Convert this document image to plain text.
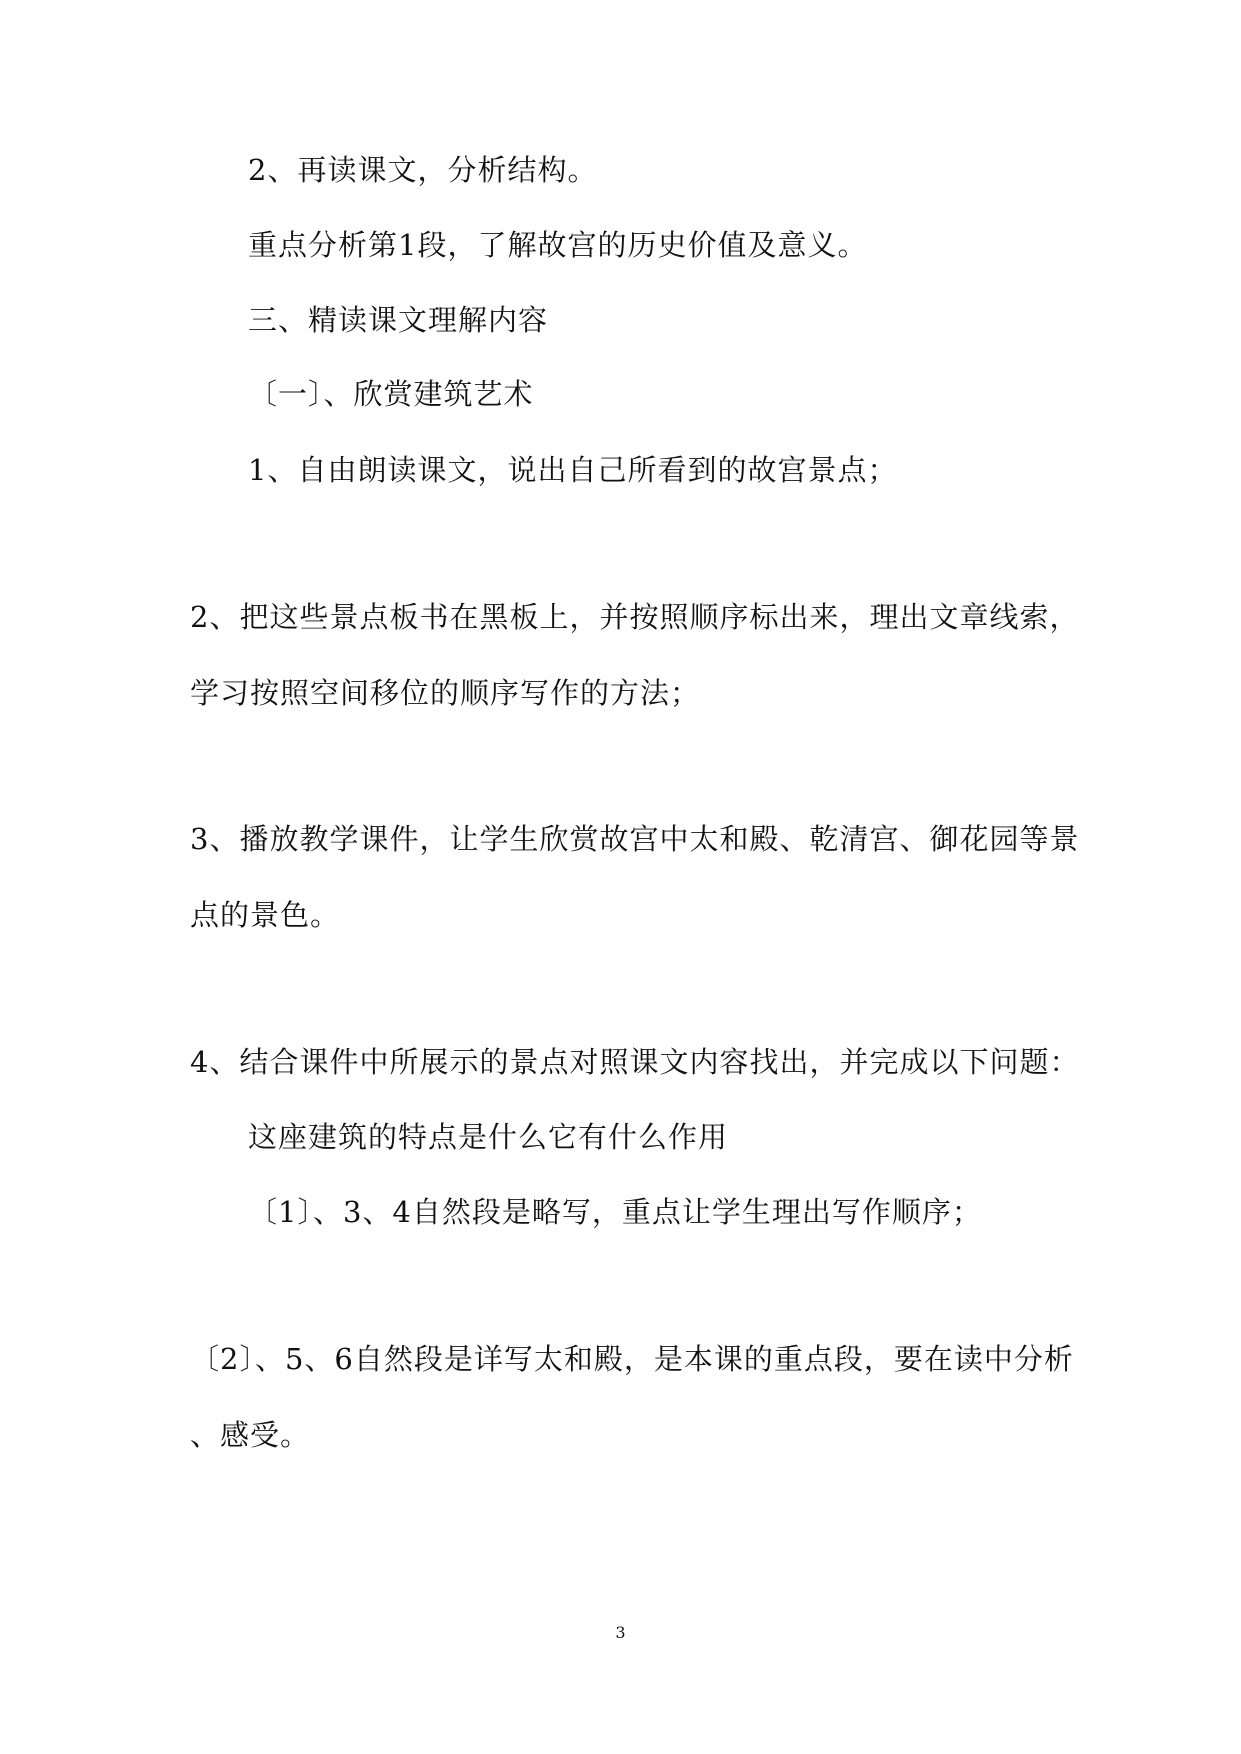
2、再读课文，分析结构。
重点分析第1段，了解故宫的历史价值及意义。
三、精读课文理解内容
〔一〕、欣赏建筑艺术
1、自由朗读课文，说出自己所看到的故宫景点；
2、把这些景点板书在黑板上，并按照顺序标出来，理出文章线索，
学习按照空间移位的顺序写作的方法；
3、播放教学课件，让学生欣赏故宫中太和殿、乾清宫、御花园等景
点的景色。
4、结合课件中所展示的景点对照课文内容找出，并完成以下问题：
这座建筑的特点是什么它有什么作用
〔1〕、3、4自然段是略写，重点让学生理出写作顺序；
〔2〕、5、6自然段是详写太和殿，是本课的重点段，要在读中分析
、感受。
3
